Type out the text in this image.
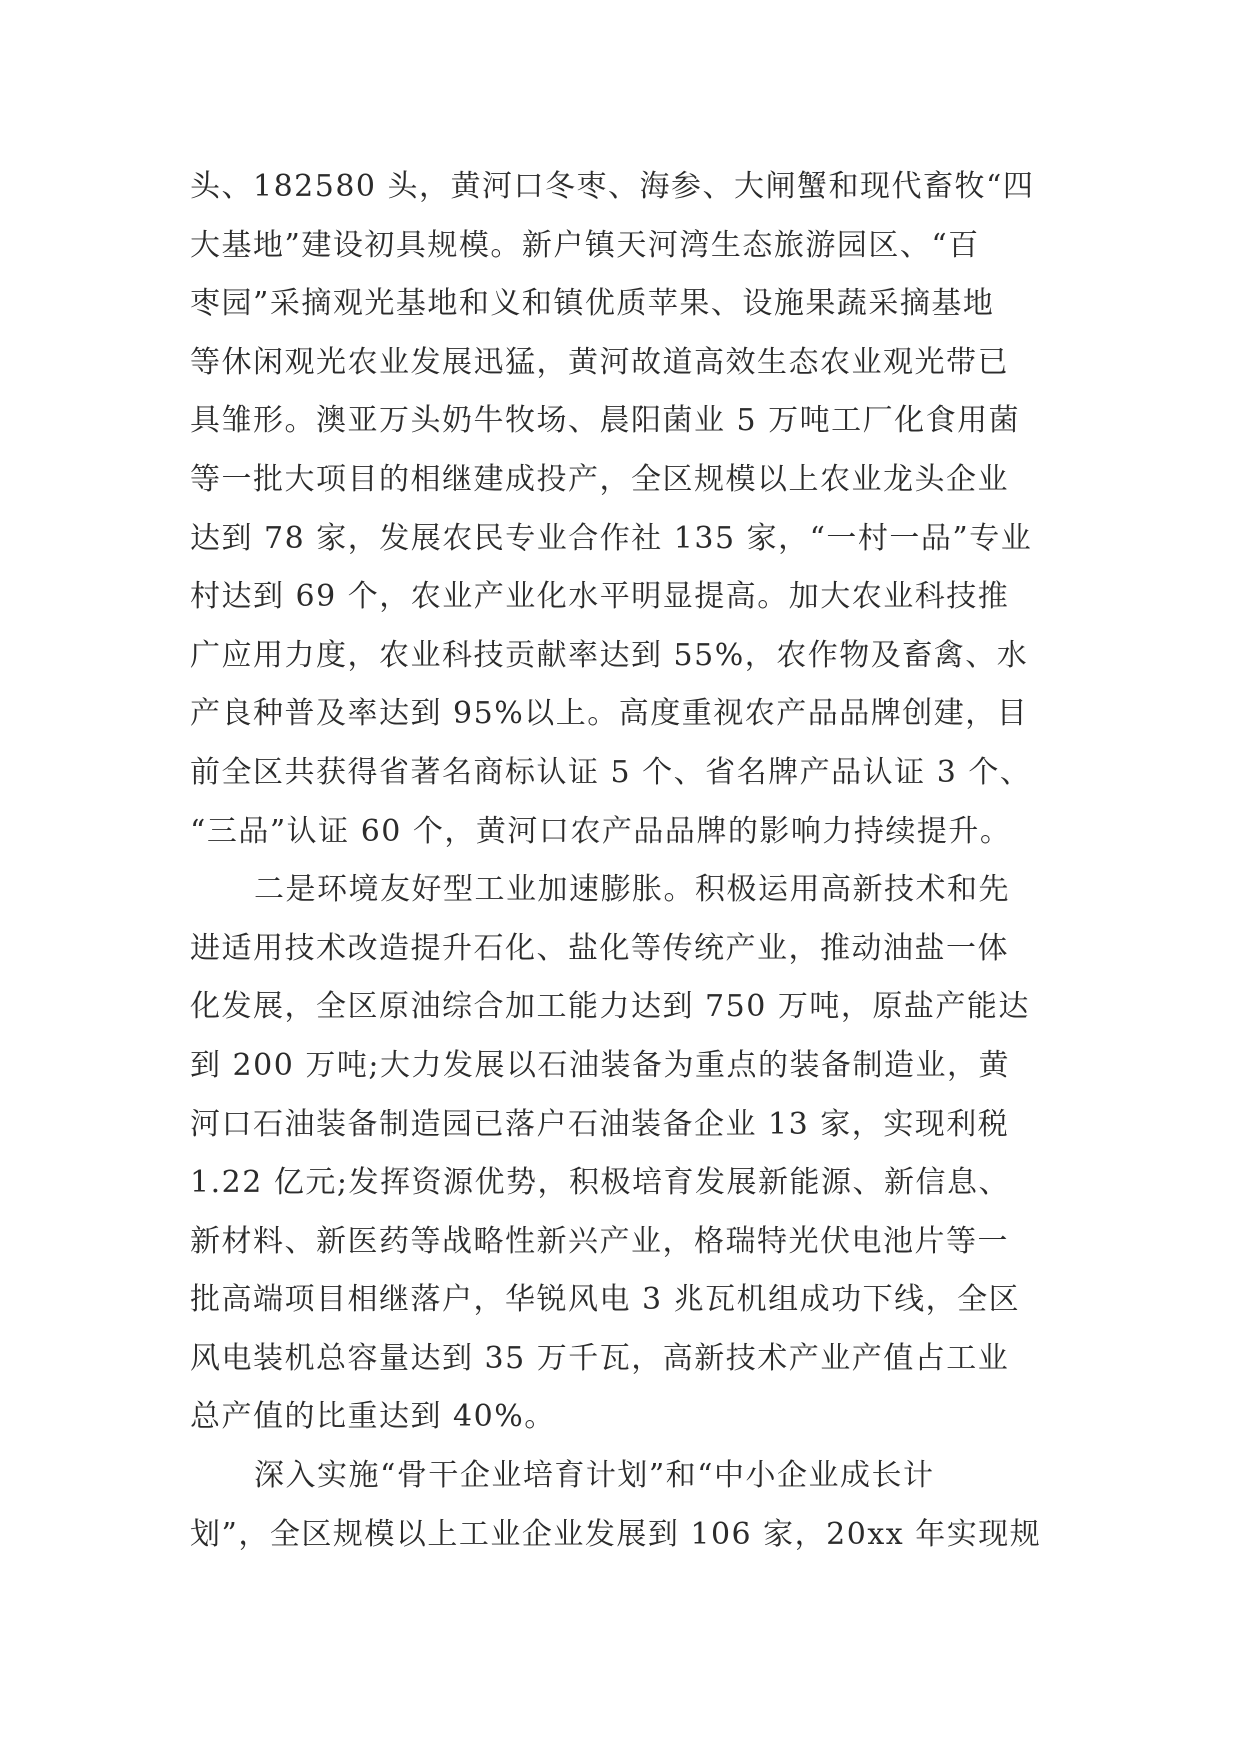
头、182580 头，黄河口冬枣、海参、大闸蟹和现代畜牧“四
大基地”建设初具规模。新户镇天河湾生态旅游园区、“百
枣园”采摘观光基地和义和镇优质苹果、设施果蔬采摘基地
等休闲观光农业发展迅猛，黄河故道高效生态农业观光带已
具雏形。澳亚万头奶牛牧场、晨阳菌业 5 万吨工厂化食用菌
等一批大项目的相继建成投产，全区规模以上农业龙头企业
达到 78 家，发展农民专业合作社 135 家，“一村一品”专业
村达到 69 个，农业产业化水平明显提高。加大农业科技推
广应用力度，农业科技贡献率达到 55%，农作物及畜禽、水
产良种普及率达到 95%以上。高度重视农产品品牌创建，目
前全区共获得省著名商标认证 5 个、省名牌产品认证 3 个、
“三品”认证 60 个，黄河口农产品品牌的影响力持续提升。
二是环境友好型工业加速膨胀。积极运用高新技术和先
进适用技术改造提升石化、盐化等传统产业，推动油盐一体
化发展，全区原油综合加工能力达到 750 万吨，原盐产能达
到 200 万吨;大力发展以石油装备为重点的装备制造业，黄
河口石油装备制造园已落户石油装备企业 13 家，实现利税
1.22 亿元;发挥资源优势，积极培育发展新能源、新信息、
新材料、新医药等战略性新兴产业，格瑞特光伏电池片等一
批高端项目相继落户，华锐风电 3 兆瓦机组成功下线，全区
风电装机总容量达到 35 万千瓦，高新技术产业产值占工业
总产值的比重达到 40%。
深入实施“骨干企业培育计划”和“中小企业成长计
划”，全区规模以上工业企业发展到 106 家，20xx 年实现规
